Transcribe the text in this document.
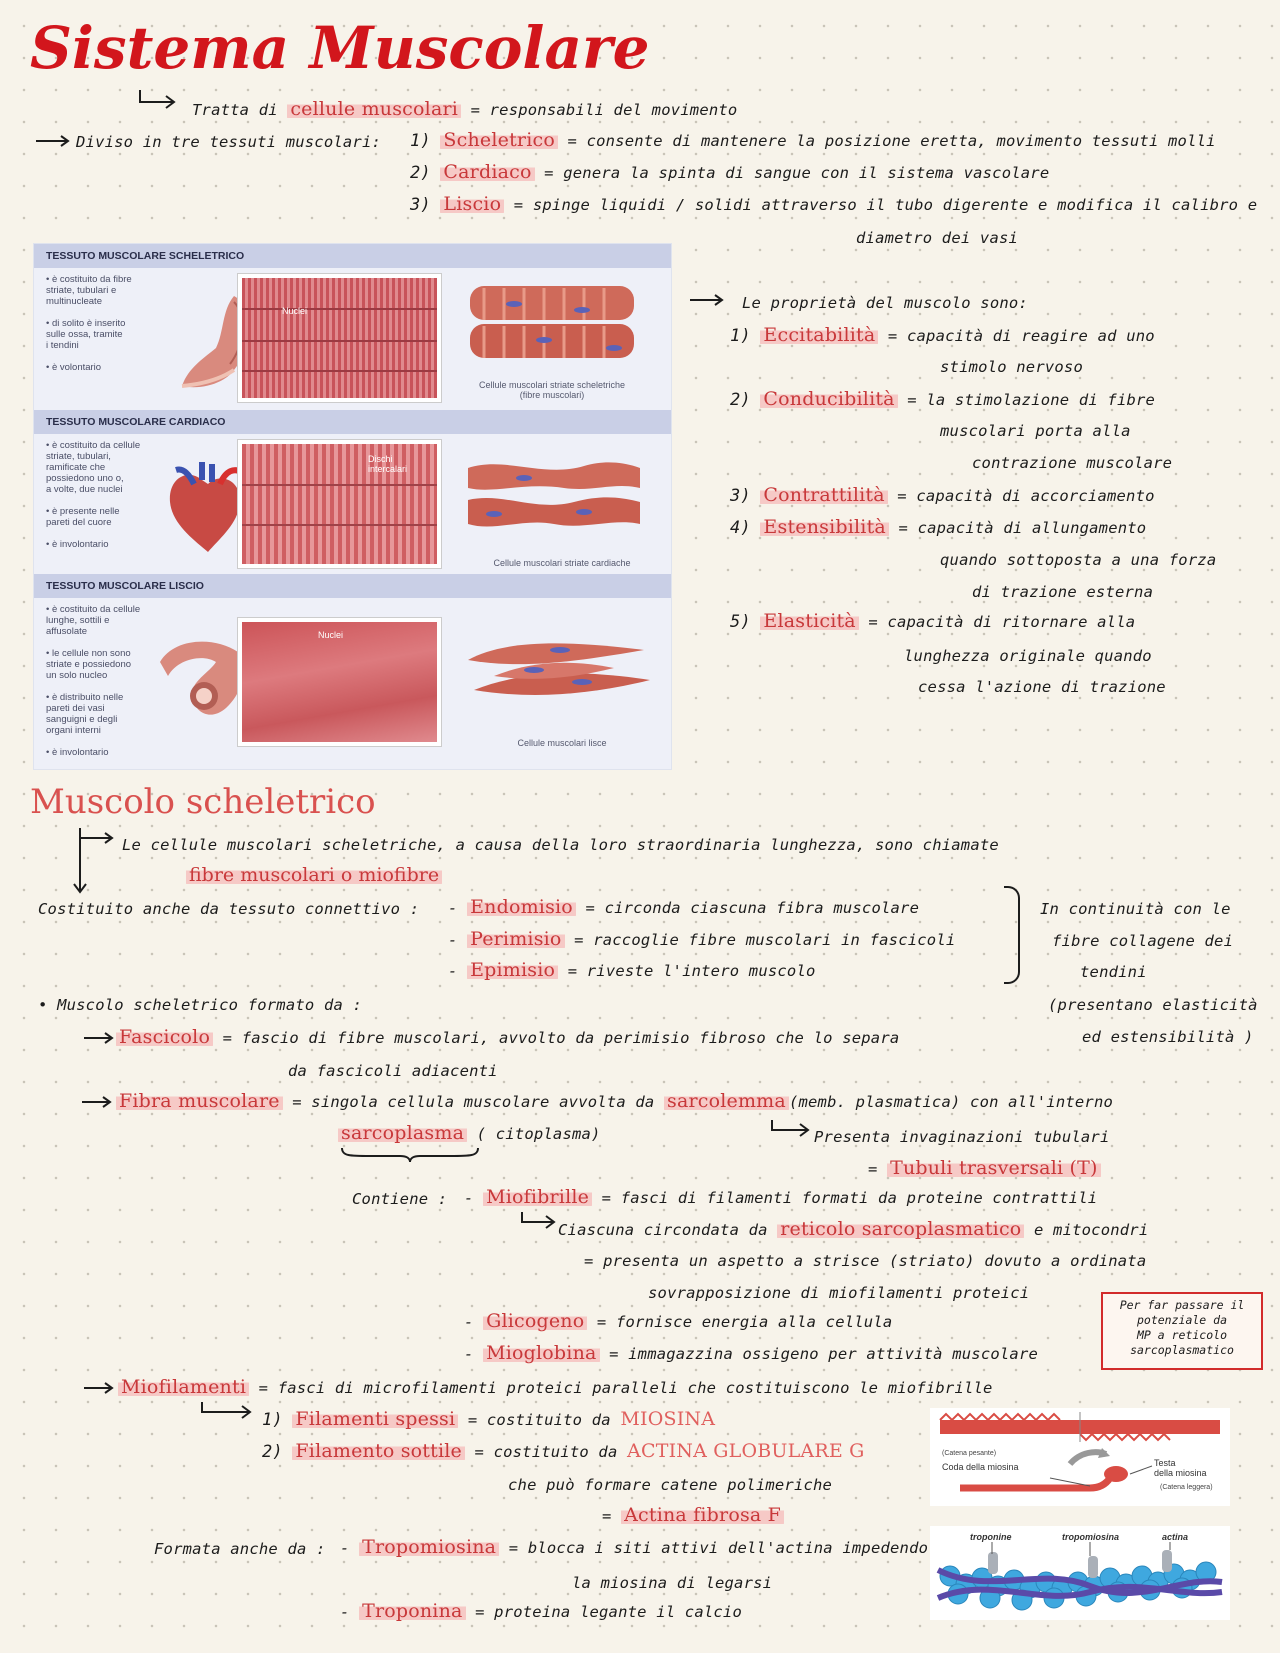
Sistema Muscolare
Tratta di cellule muscolari = responsabili del movimento
Diviso in tre tessuti muscolari: 1) Scheletrico = consente di mantenere la posizione eretta, movimento tessuti molli
2) Cardiaco = genera la spinta di sangue con il sistema vascolare
3) Liscio = spinge liquidi / solidi attraverso il tubo digerente e modifica il calibro e
diametro dei vasi
TESSUTO MUSCOLARE SCHELETRICO
• è costituito da fibre
striate, tubulari e
multinucleate

• di solito è inserito
sulle ossa, tramite
i tendini

• è volontario
Nuclei
Cellule muscolari striate scheletriche
(fibre muscolari)
TESSUTO MUSCOLARE CARDIACO
• è costituito da cellule
striate, tubulari,
ramificate che
possiedono uno o,
a volte, due nuclei

• è presente nelle
pareti del cuore

• è involontario
Dischi
intercalari
Cellule muscolari striate cardiache
TESSUTO MUSCOLARE LISCIO
• è costituito da cellule
lunghe, sottili e
affusolate

• le cellule non sono
striate e possiedono
un solo nucleo

• è distribuito nelle
pareti dei vasi
sanguigni e degli
organi interni

• è involontario
Nuclei
Cellule muscolari lisce
Le proprietà del muscolo sono:
1) Eccitabilità = capacità di reagire ad uno
stimolo nervoso
2) Conducibilità = la stimolazione di fibre
muscolari porta alla
contrazione muscolare
3) Contrattilità = capacità di accorciamento
4) Estensibilità = capacità di allungamento
quando sottoposta a una forza
di trazione esterna
5) Elasticità = capacità di ritornare alla
lunghezza originale quando
cessa l'azione di trazione
Muscolo scheletrico
Le cellule muscolari scheletriche, a causa della loro straordinaria lunghezza, sono chiamate
fibre muscolari o miofibre
Costituito anche da tessuto connettivo : - Endomisio = circonda ciascuna fibra muscolare
- Perimisio = raccoglie fibre muscolari in fascicoli
- Epimisio = riveste l'intero muscolo
In continuità con le
fibre collagene dei
tendini
(presentano elasticità
ed estensibilità )
• Muscolo scheletrico formato da :
Fascicolo = fascio di fibre muscolari, avvolto da perimisio fibroso che lo separa
da fascicoli adiacenti
Fibra muscolare = singola cellula muscolare avvolta da sarcolemma (memb. plasmatica) con all'interno
sarcoplasma ( citoplasma)	Presenta invaginazioni tubulari
= Tubuli trasversali (T)
Contiene : - Miofibrille = fasci di filamenti formati da proteine contrattili
Ciascuna circondata da reticolo sarcoplasmatico e mitocondri
= presenta un aspetto a strisce (striato) dovuto a ordinata
sovrapposizione di miofilamenti proteici
- Glicogeno = fornisce energia alla cellula
- Mioglobina = immagazzina ossigeno per attività muscolare
Per far passare il
potenziale da
MP a reticolo
sarcoplasmatico
Miofilamenti = fasci di microfilamenti proteici paralleli che costituiscono le miofibrille
1) Filamenti spessi = costituito da MIOSINA
2) Filamento sottile = costituito da ACTINA GLOBULARE G
che può formare catene polimeriche
= Actina fibrosa F
Formata anche da : - Tropomiosina = blocca i siti attivi dell'actina impedendo
la miosina di legarsi
- Troponina = proteina legante il calcio
(Catena pesante)
Coda della miosina	Testa
della miosina
(Catena leggera)
troponine	tropomiosina	actina
